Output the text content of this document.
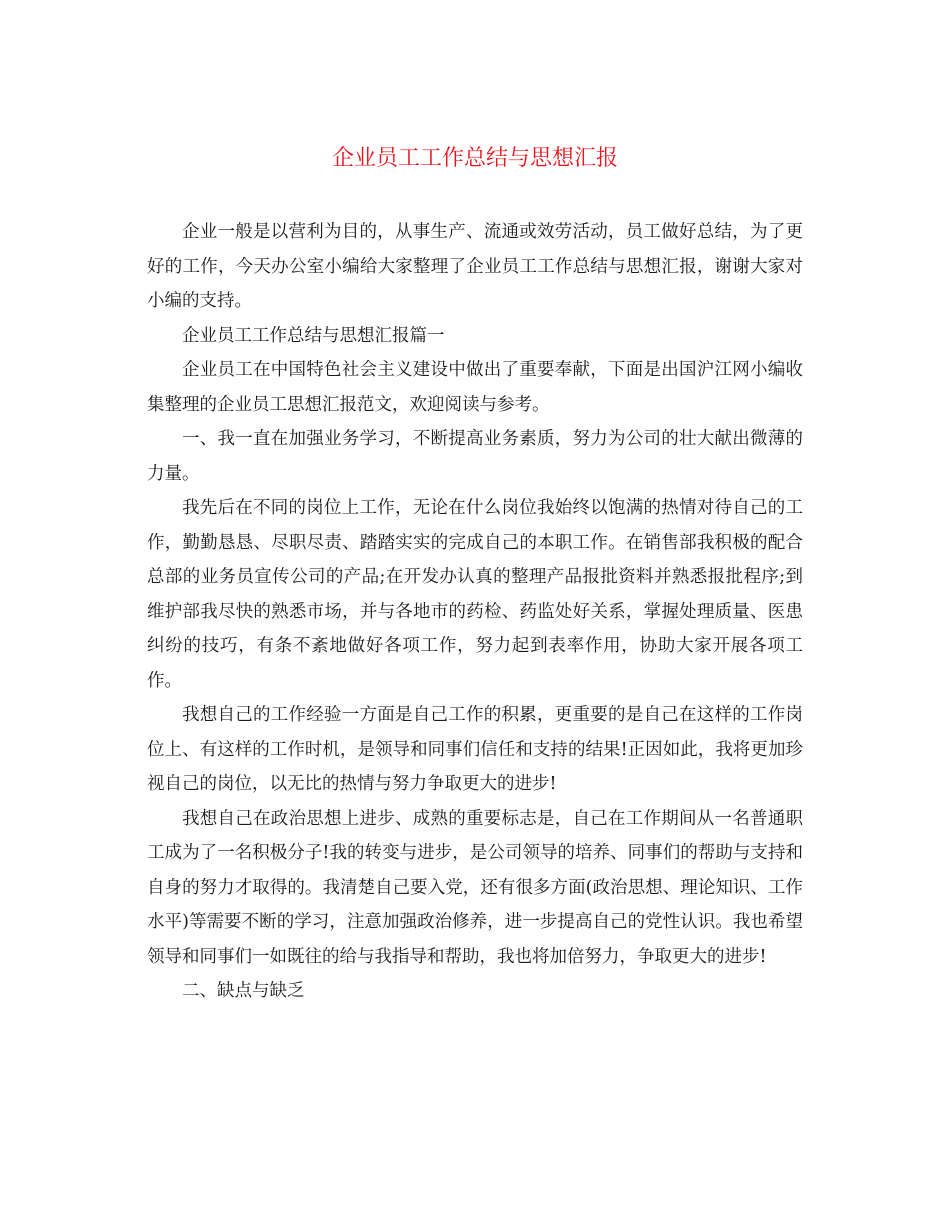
企业员工工作总结与思想汇报

企业一般是以营利为目的，从事生产、流通或效劳活动，员工做好总结，为了更好的工作，今天办公室小编给大家整理了企业员工工作总结与思想汇报，谢谢大家对小编的支持。

企业员工工作总结与思想汇报篇一

企业员工在中国特色社会主义建设中做出了重要奉献，下面是出国沪江网小编收集整理的企业员工思想汇报范文，欢迎阅读与参考。

一、我一直在加强业务学习，不断提高业务素质，努力为公司的壮大献出微薄的力量。

我先后在不同的岗位上工作，无论在什么岗位我始终以饱满的热情对待自己的工作，勤勤恳恳、尽职尽责、踏踏实实的完成自己的本职工作。在销售部我积极的配合总部的业务员宣传公司的产品;在开发办认真的整理产品报批资料并熟悉报批程序;到维护部我尽快的熟悉市场，并与各地市的药检、药监处好关系，掌握处理质量、医患纠纷的技巧，有条不紊地做好各项工作，努力起到表率作用，协助大家开展各项工作。

我想自己的工作经验一方面是自己工作的积累，更重要的是自己在这样的工作岗位上、有这样的工作时机，是领导和同事们信任和支持的结果!正因如此，我将更加珍视自己的岗位，以无比的热情与努力争取更大的进步!

我想自己在政治思想上进步、成熟的重要标志是，自己在工作期间从一名普通职工成为了一名积极分子!我的转变与进步，是公司领导的培养、同事们的帮助与支持和自身的努力才取得的。我清楚自己要入党，还有很多方面(政治思想、理论知识、工作水平)等需要不断的学习，注意加强政治修养，进一步提高自己的党性认识。我也希望领导和同事们一如既往的给与我指导和帮助，我也将加倍努力，争取更大的进步!

二、缺点与缺乏
